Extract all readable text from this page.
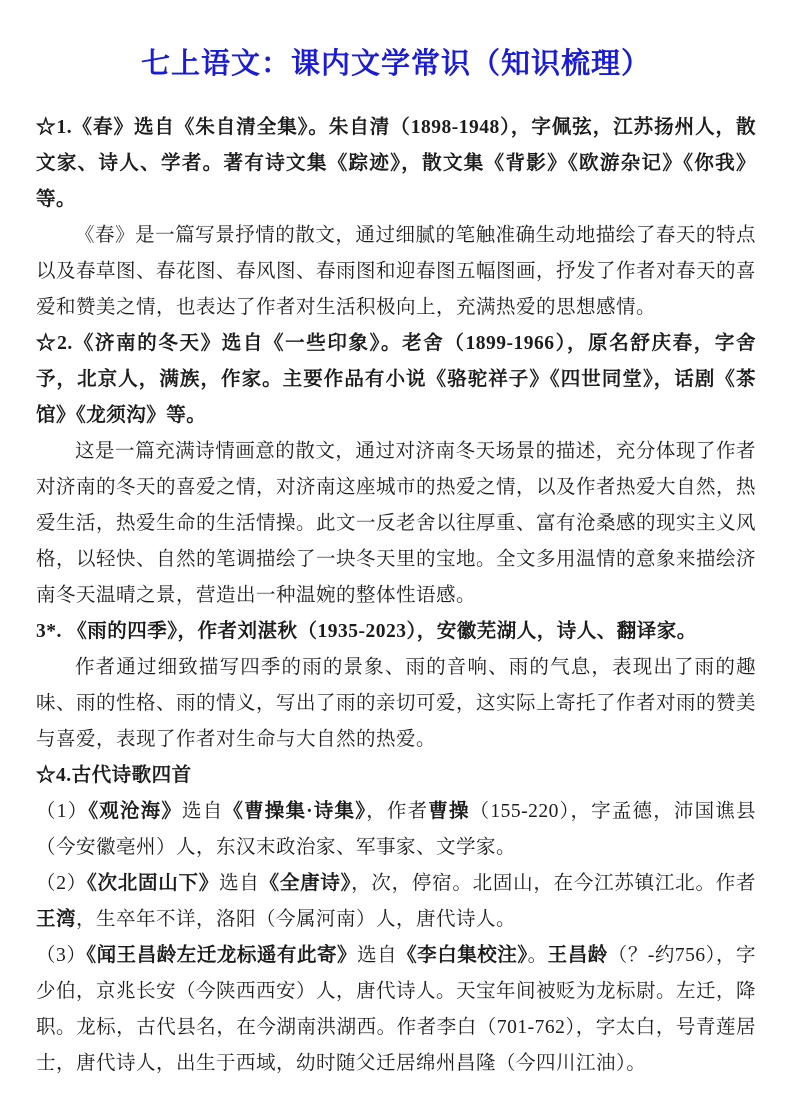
七上语文：课内文学常识（知识梳理）

☆1.《春》选自《朱自清全集》。朱自清（1898-1948），字佩弦，江苏扬州人，散文家、诗人、学者。著有诗文集《踪迹》，散文集《背影》《欧游杂记》《你我》等。

《春》是一篇写景抒情的散文，通过细腻的笔触准确生动地描绘了春天的特点以及春草图、春花图、春风图、春雨图和迎春图五幅图画，抒发了作者对春天的喜爱和赞美之情，也表达了作者对生活积极向上，充满热爱的思想感情。

☆2.《济南的冬天》选自《一些印象》。老舍（1899-1966），原名舒庆春，字舍予，北京人，满族，作家。主要作品有小说《骆驼祥子》《四世同堂》，话剧《茶馆》《龙须沟》等。

这是一篇充满诗情画意的散文，通过对济南冬天场景的描述，充分体现了作者对济南的冬天的喜爱之情，对济南这座城市的热爱之情，以及作者热爱大自然，热爱生活，热爱生命的生活情操。此文一反老舍以往厚重、富有沧桑感的现实主义风格，以轻快、自然的笔调描绘了一块冬天里的宝地。全文多用温情的意象来描绘济南冬天温晴之景，营造出一种温婉的整体性语感。

3*. 《雨的四季》，作者刘湛秋（1935-2023），安徽芜湖人，诗人、翻译家。

作者通过细致描写四季的雨的景象、雨的音响、雨的气息，表现出了雨的趣味、雨的性格、雨的情义，写出了雨的亲切可爱，这实际上寄托了作者对雨的赞美与喜爱，表现了作者对生命与大自然的热爱。

☆4.古代诗歌四首

（1）《观沧海》选自《曹操集·诗集》，作者曹操（155-220），字孟德，沛国谯县（今安徽亳州）人，东汉末政治家、军事家、文学家。

（2）《次北固山下》选自《全唐诗》，次，停宿。北固山，在今江苏镇江北。作者王湾，生卒年不详，洛阳（今属河南）人，唐代诗人。

（3）《闻王昌龄左迁龙标遥有此寄》选自《李白集校注》。王昌龄（？-约756），字少伯，京兆长安（今陕西西安）人，唐代诗人。天宝年间被贬为龙标尉。左迁，降职。龙标，古代县名，在今湖南洪湖西。作者李白（701-762），字太白，号青莲居士，唐代诗人，出生于西域，幼时随父迁居绵州昌隆（今四川江油）。
